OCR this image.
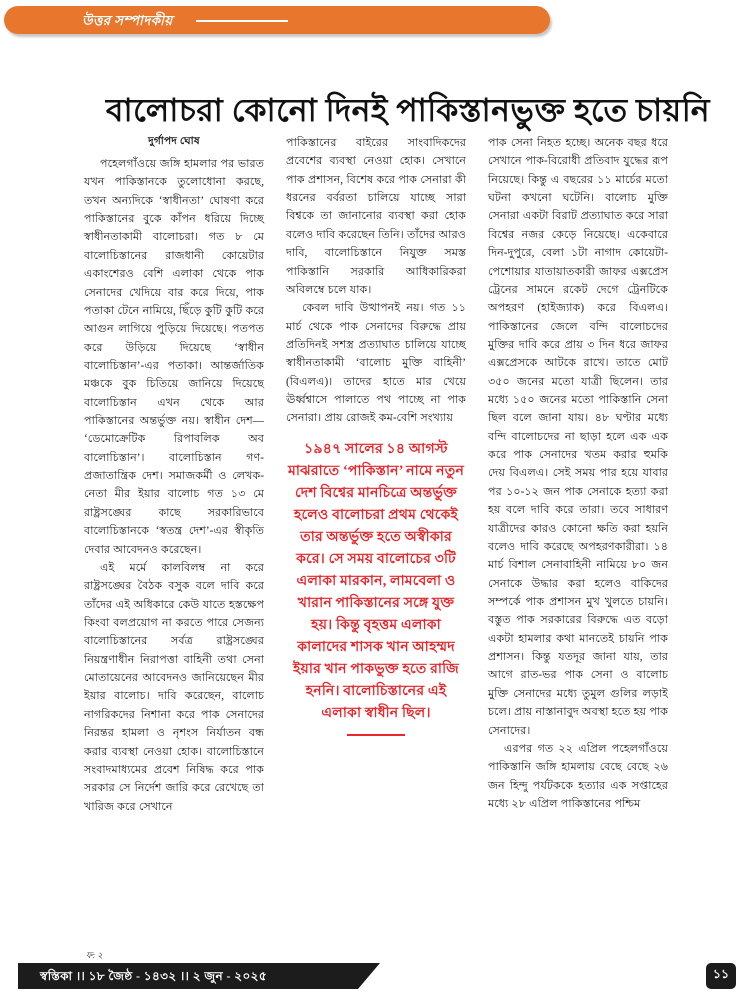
উত্তর সম্পাদকীয়
বালোচরা কোনো দিনই পাকিস্তানভুক্ত হতে চায়নি
দুর্গাপদ ঘোষ

পহেলগাঁওয়ে জঙ্গি হামলার পর ভারত যখন পাকিস্তানকে তুলোধোনা করছে, তখন অন্যদিকে ‘স্বাধীনতা’ ঘোষণা করে পাকিস্তানের বুকে কাঁপন ধরিয়ে দিচ্ছে স্বাধীনতাকামী বালোচরা। গত ৮ মে বালোচিস্তানের রাজধানী কোয়েটার একাংশেরও বেশি এলাকা থেকে পাক সেনাদের খেদিয়ে বার করে দিয়ে, পাক পতাকা টেনে নামিয়ে, ছিঁড়ে কুটি কুটি করে আগুন লাগিয়ে পুড়িয়ে দিয়েছে। পতপত করে উড়িয়ে দিয়েছে ‘স্বাধীন বালোচিস্তান’-এর পতাকা। আন্তর্জাতিক মঞ্চকে বুক চিতিয়ে জানিয়ে দিয়েছে বালোচিস্তান এখন থেকে আর পাকিস্তানের অন্তর্ভুক্ত নয়। স্বাধীন দেশ— ‘ডেমোক্রেটিক রিপাবলিক অব বালোচিস্তান’। বালোচিস্তান গণ-প্রজাতান্ত্রিক দেশ। সমাজকর্মী ও লেখক-নেতা মীর ইয়ার বালোচ গত ১৩ মে রাষ্ট্রসঙ্ঘের কাছে সরকারিভাবে বালোচিস্তানকে ‘স্বতন্ত্র দেশ’-এর স্বীকৃতি দেবার আবেদনও করেছেন।

এই মর্মে কালবিলম্ব না করে রাষ্ট্রসঙ্ঘের বৈঠক বসুক বলে দাবি করে তাঁদের এই অধিকারে কেউ যাতে হস্তক্ষেপ কিংবা বলপ্রয়োগ না করতে পারে সেজন্য বালোচিস্তানের সর্বত্র রাষ্ট্রসঙ্ঘের নিয়ন্ত্রণাধীন নিরাপত্তা বাহিনী তথা সেনা মোতায়েনের আবেদনও জানিয়েছেন মীর ইয়ার বালোচ। দাবি করেছেন, বালোচ নাগরিকদের নিশানা করে পাক সেনাদের নিরন্তর হামলা ও নৃশংস নির্যাতন বন্ধ করার ব্যবস্থা নেওয়া হোক। বালোচিস্তানে সংবাদমাধ্যমের প্রবেশ নিষিদ্ধ করে পাক সরকার সে নির্দেশ জারি করে রেখেছে তা খারিজ করে সেখানে

পাকিস্তানের বাইরের সাংবাদিকদের প্রবেশের ব্যবস্থা নেওয়া হোক। সেখানে পাক প্রশাসন, বিশেষ করে পাক সেনারা কী ধরনের বর্বরতা চালিয়ে যাচ্ছে সারা বিশ্বকে তা জানানোর ব্যবস্থা করা হোক বলেও দাবি করেছেন তিনি। তাঁদের আরও দাবি, বালোচিস্তানে নিযুক্ত সমস্ত পাকিস্তানি সরকারি আধিকারিকরা অবিলম্বে চলে যাক।

কেবল দাবি উত্থাপনই নয়। গত ১১ মার্চ থেকে পাক সেনাদের বিরুদ্ধে প্রায় প্রতিদিনই সশস্ত্র প্রত্যাঘাত চালিয়ে যাচ্ছে স্বাধীনতাকামী ‘বালোচ মুক্তি বাহিনী’ (বিএলএ)। তাদের হাতে মার খেয়ে ঊর্ধ্বশ্বাসে পালাতে পথ পাচ্ছে না পাক সেনারা। প্রায় রোজই কম-বেশি সংখ্যায়

১৯৪৭ সালের ১৪ আগস্ট মাঝরাতে ‘পাকিস্তান’ নামে নতুন দেশ বিশ্বের মানচিত্রে অন্তর্ভুক্ত হলেও বালোচরা প্রথম থেকেই তার অন্তর্ভুক্ত হতে অস্বীকার করে। সে সময় বালোচের ৩টি এলাকা মারকান, লামবেলা ও খারান পাকিস্তানের সঙ্গে যুক্ত হয়। কিন্তু বৃহত্তম এলাকা কালাদের শাসক খান আহম্মদ ইয়ার খান পাকভুক্ত হতে রাজি হননি। বালোচিস্তানের এই এলাকা স্বাধীন ছিল।

পাক সেনা নিহত হচ্ছে। অনেক বছর ধরে সেখানে পাক-বিরোধী প্রতিবাদ যুদ্ধের রূপ নিয়েছে। কিন্তু এ বছরের ১১ মার্চের মতো ঘটনা কখনো ঘটেনি। বালোচ মুক্তি সেনারা একটা বিরাট প্রত্যাঘাত করে সারা বিশ্বের নজর কেড়ে নিয়েছে। একেবারে দিন-দুপুরে, বেলা ১টা নাগাদ কোয়েটা-পেশোয়ার যাতায়াতকারী জাফর এক্সপ্রেস ট্রেনের সামনে রকেট দেগে ট্রেনটিকে অপহরণ (হাইজ্যাক) করে বিএলএ। পাকিস্তানের জেলে বন্দি বালোচদের মুক্তির দাবি করে প্রায় ৩ দিন ধরে জাফর এক্সপ্রেসকে আটকে রাখে। তাতে মোট ৩৫০ জনের মতো যাত্রী ছিলেন। তার মধ্যে ১৫০ জনের মতো পাকিস্তানি সেনা ছিল বলে জানা যায়। ৪৮ ঘণ্টার মধ্যে বন্দি বালোচদের না ছাড়া হলে এক এক করে পাক সেনাদের খতম করার হুমকি দেয় বিএলএ। সেই সময় পার হয়ে যাবার পর ১০-১২ জন পাক সেনাকে হত্যা করা হয় বলে দাবি করে তারা। তবে সাধারণ যাত্রীদের কারও কোনো ক্ষতি করা হয়নি বলেও দাবি করেছে অপহরণকারীরা। ১৪ মার্চ বিশাল সেনাবাহিনী নামিয়ে ৮০ জন সেনাকে উদ্ধার করা হলেও বাকিদের সম্পর্কে পাক প্রশাসন মুখ খুলতে চায়নি। বস্তুত পাক সরকারের বিরুদ্ধে এত বড়ো একটা হামলার কথা মানতেই চায়নি পাক প্রশাসন। কিন্তু যতদূর জানা যায়, তার আগে রাত-ভর পাক সেনা ও বালোচ মুক্তি সেনাদের মধ্যে তুমুল গুলির লড়াই চলে। প্রায় নাস্তানাবুদ অবস্থা হতে হয় পাক সেনাদের।

এরপর গত ২২ এপ্রিল পহেলগাঁওয়ে পাকিস্তানি জঙ্গি হামলায় বেছে বেছে ২৬ জন হিন্দু পর্যটককে হত্যার এক সপ্তাহের মধ্যে ২৮ এপ্রিল পাকিস্তানের পশ্চিম

ফ: ২
স্বস্তিকা ।। ১৮ জৈষ্ঠ - ১৪৩২ ।। ২ জুন - ২০২৫	১১
